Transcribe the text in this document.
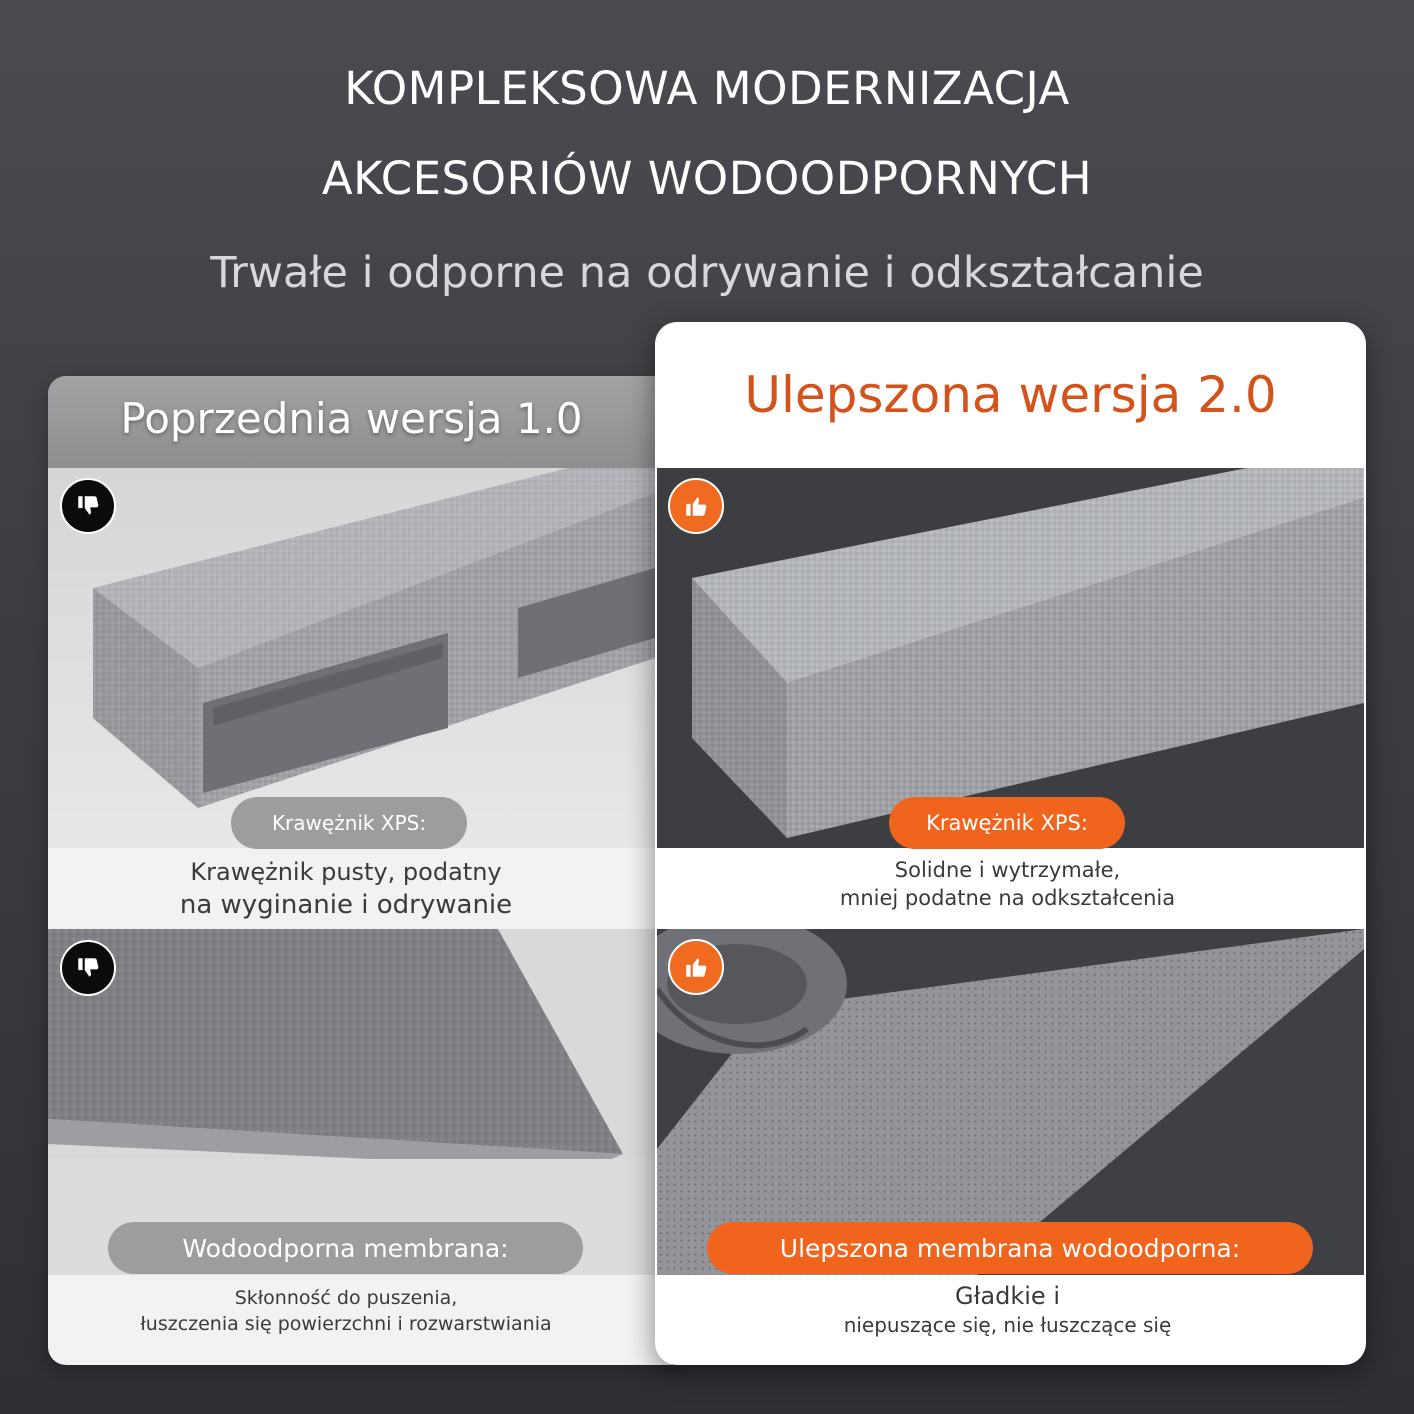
KOMPLEKSOWA MODERNIZACJA
AKCESORIÓW WODOODPORNYCH
Trwałe i odporne na odrywanie i odkształcanie
Poprzednia wersja 1.0
Krawężnik XPS:
Krawężnik pusty, podatny
na wyginanie i odrywanie
Wodoodporna membrana:
Skłonność do puszenia,
łuszczenia się powierzchni i rozwarstwiania
Ulepszona wersja 2.0
Krawężnik XPS:
Solidne i wytrzymałe,
mniej podatne na odkształcenia
Ulepszona membrana wodoodporna:
Gładkie i
niepuszące się, nie łuszczące się
